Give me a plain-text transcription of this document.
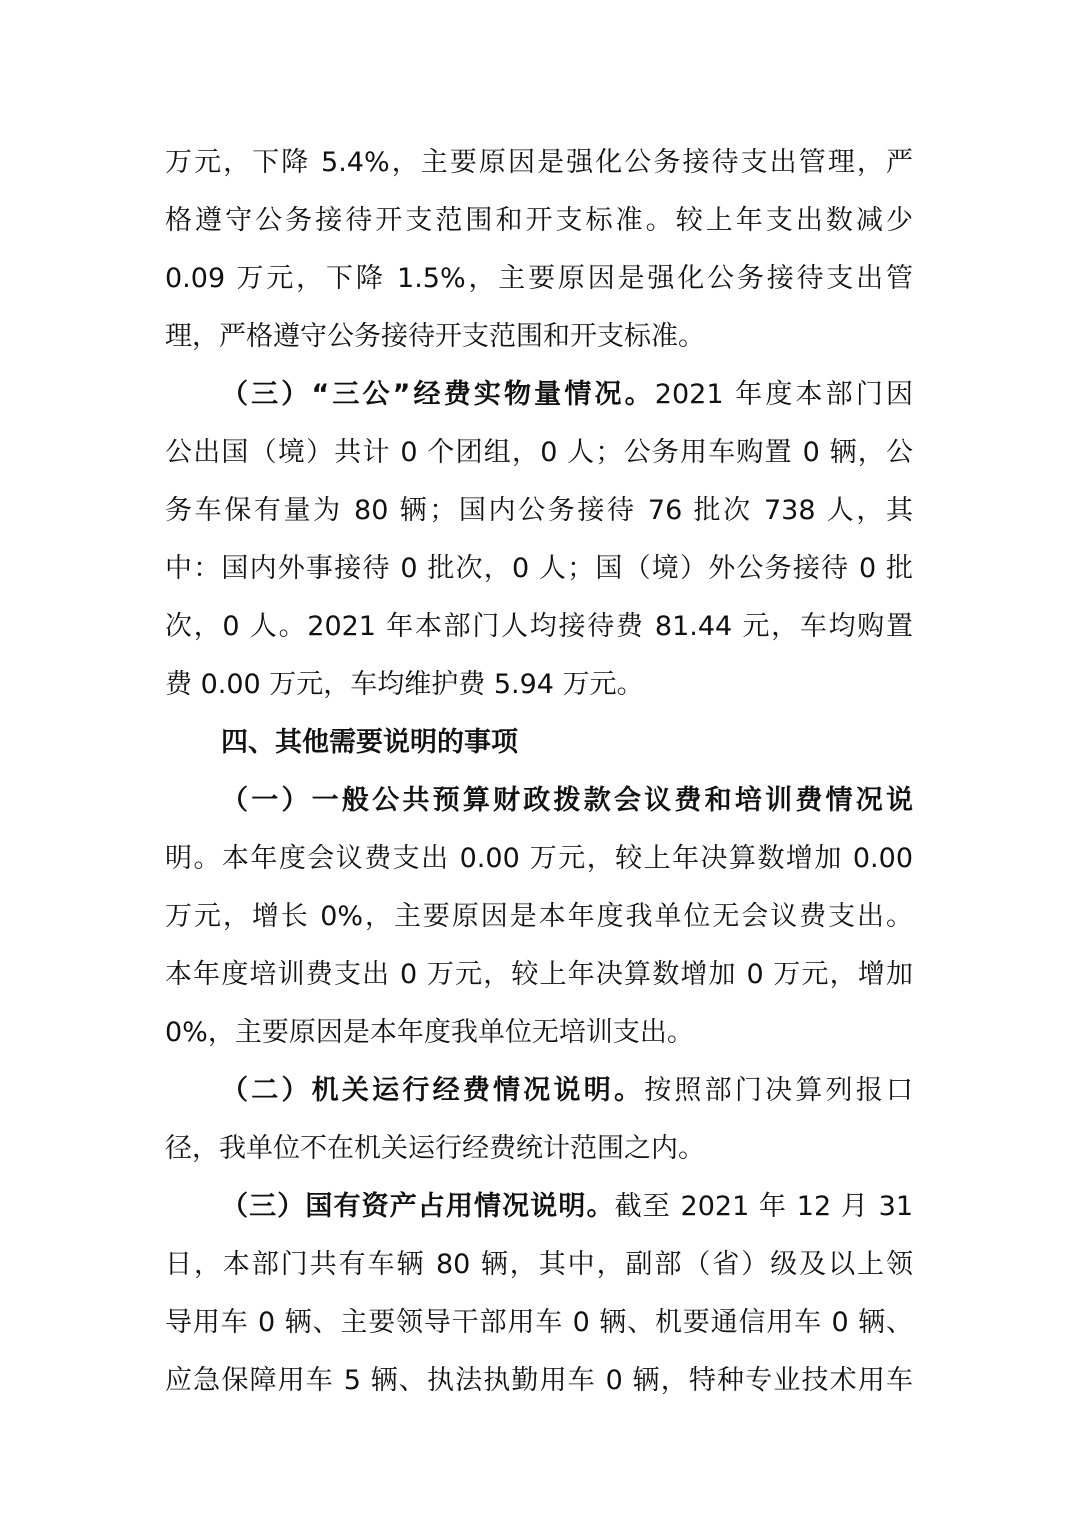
万元，下降 5.4%，主要原因是强化公务接待支出管理，严
格遵守公务接待开支范围和开支标准。较上年支出数减少
0.09 万元，下降 1.5%，主要原因是强化公务接待支出管
理，严格遵守公务接待开支范围和开支标准。
（三）“三公”经费实物量情况。2021 年度本部门因
公出国（境）共计 0 个团组，0 人；公务用车购置 0 辆，公
务车保有量为 80 辆；国内公务接待 76 批次 738 人，其
中：国内外事接待 0 批次，0 人；国（境）外公务接待 0 批
次，0 人。2021 年本部门人均接待费 81.44 元，车均购置
费 0.00 万元，车均维护费 5.94 万元。
四、其他需要说明的事项
（一）一般公共预算财政拨款会议费和培训费情况说
明。本年度会议费支出 0.00 万元，较上年决算数增加 0.00
万元，增长 0%，主要原因是本年度我单位无会议费支出。
本年度培训费支出 0 万元，较上年决算数增加 0 万元，增加
0%，主要原因是本年度我单位无培训支出。
（二）机关运行经费情况说明。按照部门决算列报口
径，我单位不在机关运行经费统计范围之内。
（三）国有资产占用情况说明。截至 2021 年 12 月 31
日，本部门共有车辆 80 辆，其中，副部（省）级及以上领
导用车 0 辆、主要领导干部用车 0 辆、机要通信用车 0 辆、
应急保障用车 5 辆、执法执勤用车 0 辆，特种专业技术用车
